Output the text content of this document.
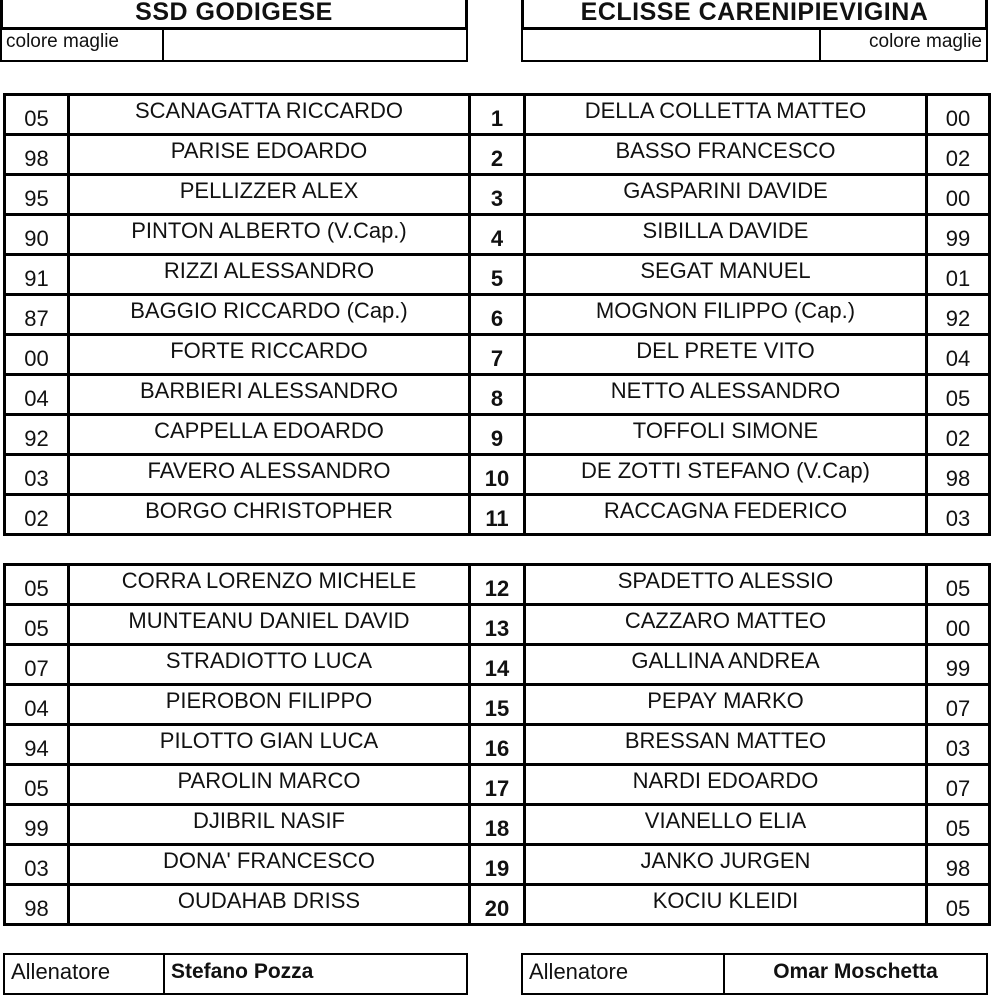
SSD GODIGESE	ECLISSE CARENIPIEVIGINA
colore maglie	colore maglie
05	SCANAGATTA RICCARDO	1	DELLA COLLETTA MATTEO	00
98	PARISE EDOARDO	2	BASSO FRANCESCO	02
95	PELLIZZER ALEX	3	GASPARINI DAVIDE	00
90	PINTON ALBERTO (V.Cap.)	4	SIBILLA DAVIDE	99
91	RIZZI ALESSANDRO	5	SEGAT MANUEL	01
87	BAGGIO RICCARDO (Cap.)	6	MOGNON FILIPPO (Cap.)	92
00	FORTE RICCARDO	7	DEL PRETE VITO	04
04	BARBIERI ALESSANDRO	8	NETTO ALESSANDRO	05
92	CAPPELLA EDOARDO	9	TOFFOLI SIMONE	02
03	FAVERO ALESSANDRO	10	DE ZOTTI STEFANO (V.Cap)	98
02	BORGO CHRISTOPHER	11	RACCAGNA FEDERICO	03
05	CORRA LORENZO MICHELE	12	SPADETTO ALESSIO	05
05	MUNTEANU DANIEL DAVID	13	CAZZARO MATTEO	00
07	STRADIOTTO LUCA	14	GALLINA ANDREA	99
04	PIEROBON FILIPPO	15	PEPAY MARKO	07
94	PILOTTO GIAN LUCA	16	BRESSAN MATTEO	03
05	PAROLIN MARCO	17	NARDI EDOARDO	07
99	DJIBRIL NASIF	18	VIANELLO ELIA	05
03	DONA' FRANCESCO	19	JANKO JURGEN	98
98	OUDAHAB DRISS	20	KOCIU KLEIDI	05
Allenatore	Stefano Pozza	Allenatore	Omar Moschetta
